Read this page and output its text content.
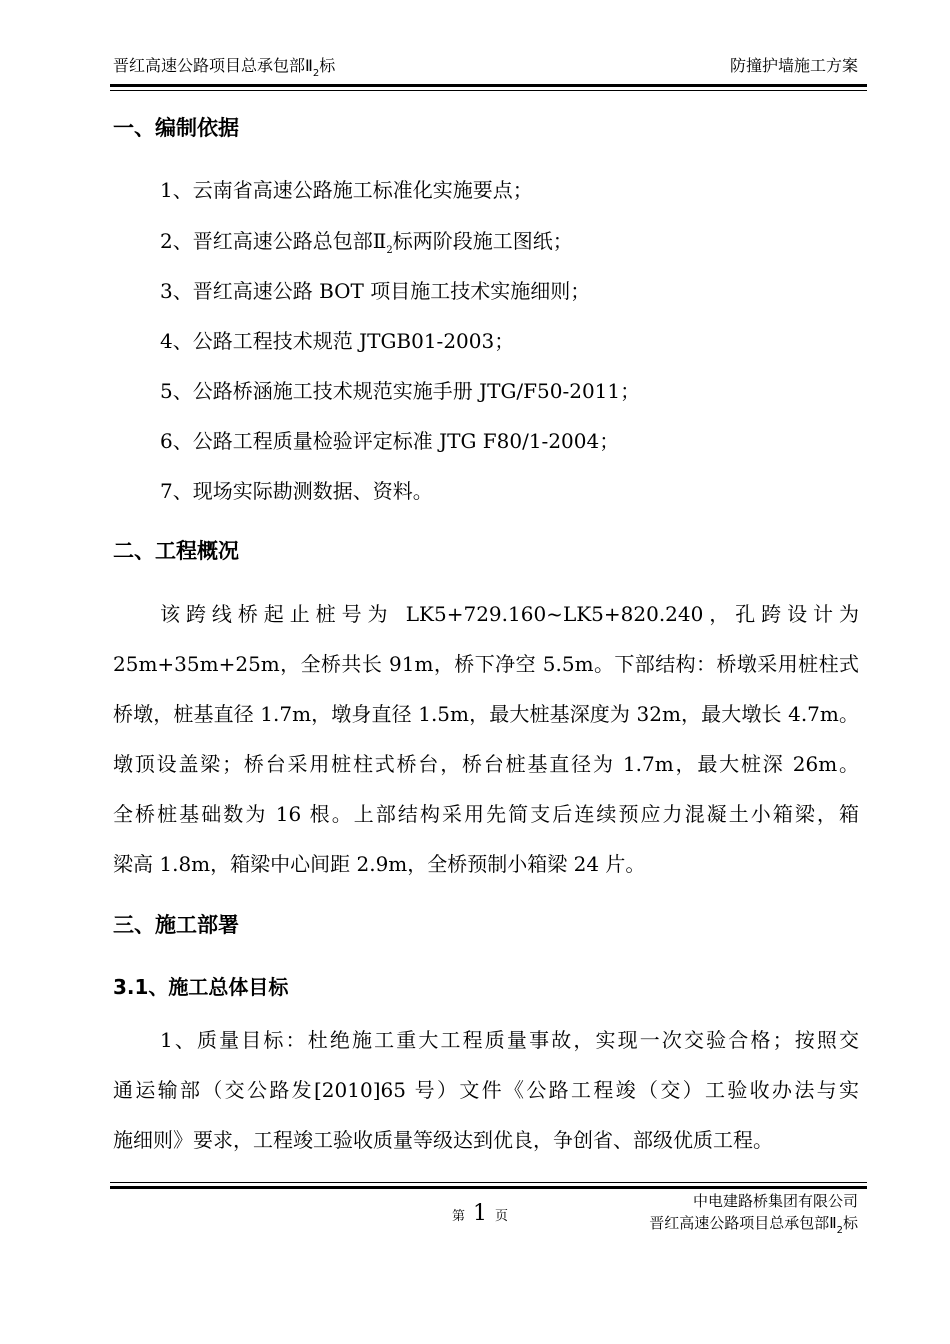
晋红高速公路项目总承包部$Ⅱ_2$标	防撞护墙施工方案
一、编制依据
1、云南省高速公路施工标准化实施要点；
2、晋红高速公路总包部$Ⅱ_2$标两阶段施工图纸；
3、晋红高速公路 BOT 项目施工技术实施细则；
4、公路工程技术规范 JTGB01-2003；
5、公路桥涵施工技术规范实施手册 JTG/F50-2011；
6、公路工程质量检验评定标准 JTG F80/1-2004；
7、现场实际勘测数据、资料。
二、工程概况
该跨线桥起止桩号为 LK5+729.160~LK5+820.240，孔跨设计为
25m+35m+25m，全桥共长 91m，桥下净空 5.5m。下部结构：桥墩采用桩柱式
桥墩，桩基直径 1.7m，墩身直径 1.5m，最大桩基深度为 32m，最大墩长 4.7m。
墩顶设盖梁；桥台采用桩柱式桥台，桥台桩基直径为 1.7m，最大桩深 26m。
全桥桩基础数为 16 根。上部结构采用先简支后连续预应力混凝土小箱梁，箱
梁高 1.8m，箱梁中心间距 2.9m，全桥预制小箱梁 24 片。
三、施工部署
3.1、施工总体目标
1、质量目标：杜绝施工重大工程质量事故，实现一次交验合格；按照交
通运输部（交公路发[2010]65 号）文件《公路工程竣（交）工验收办法与实
施细则》要求，工程竣工验收质量等级达到优良，争创省、部级优质工程。
第 1 页
中电建路桥集团有限公司
晋红高速公路项目总承包部$Ⅱ_2$标
